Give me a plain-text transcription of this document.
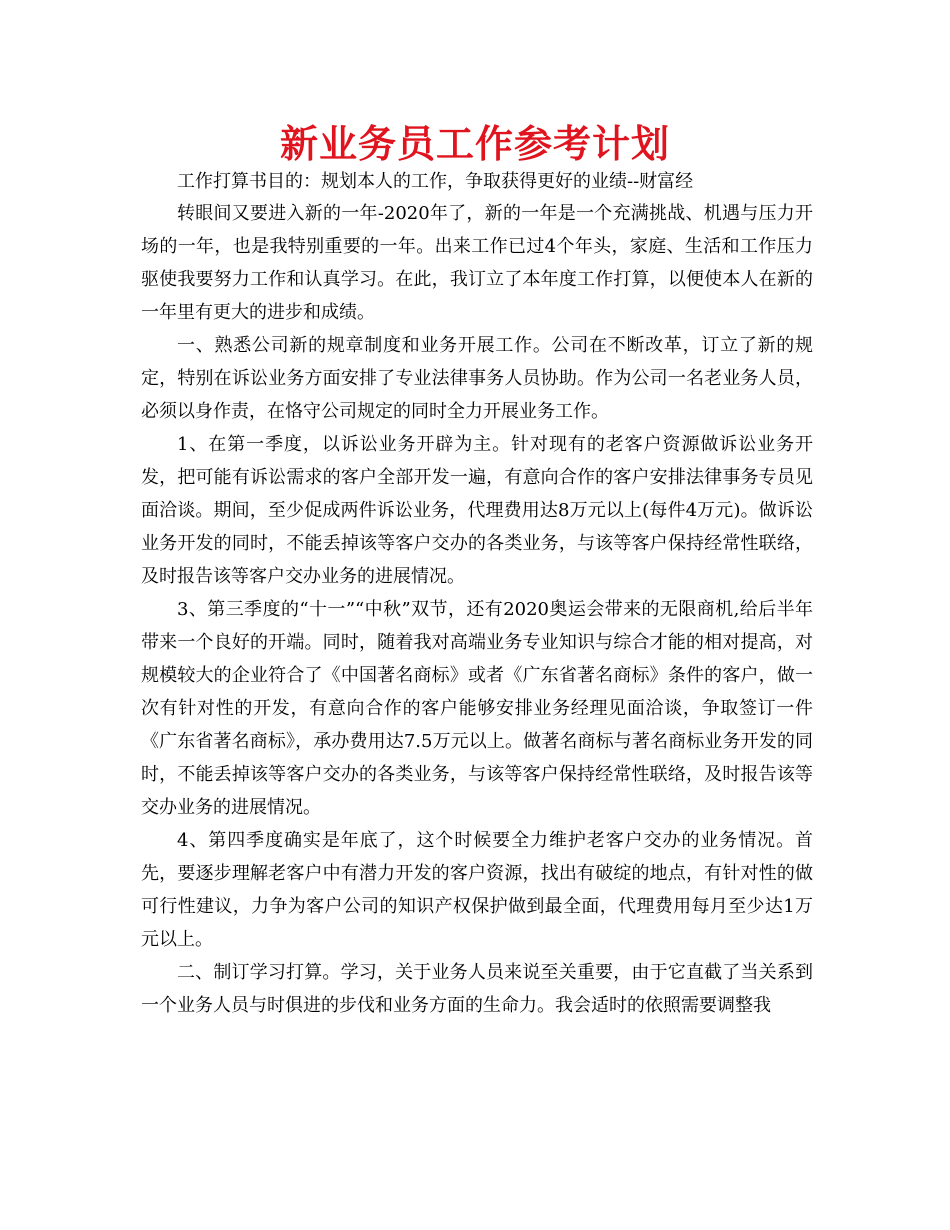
新业务员工作参考计划

工作打算书目的：规划本人的工作，争取获得更好的业绩--财富经

转眼间又要进入新的一年-2020年了，新的一年是一个充满挑战、机遇与压力开场的一年，也是我特别重要的一年。出来工作已过4个年头，家庭、生活和工作压力驱使我要努力工作和认真学习。在此，我订立了本年度工作打算，以便使本人在新的一年里有更大的进步和成绩。

一、熟悉公司新的规章制度和业务开展工作。公司在不断改革，订立了新的规定，特别在诉讼业务方面安排了专业法律事务人员协助。作为公司一名老业务人员，必须以身作责，在恪守公司规定的同时全力开展业务工作。

1、在第一季度，以诉讼业务开辟为主。针对现有的老客户资源做诉讼业务开发，把可能有诉讼需求的客户全部开发一遍，有意向合作的客户安排法律事务专员见面洽谈。期间，至少促成两件诉讼业务，代理费用达8万元以上(每件4万元)。做诉讼业务开发的同时，不能丢掉该等客户交办的各类业务，与该等客户保持经常性联络，及时报告该等客户交办业务的进展情况。

3、第三季度的“十一”“中秋”双节，还有2020奥运会带来的无限商机,给后半年带来一个良好的开端。同时，随着我对高端业务专业知识与综合才能的相对提高，对规模较大的企业符合了《中国著名商标》或者《广东省著名商标》条件的客户，做一次有针对性的开发，有意向合作的客户能够安排业务经理见面洽谈，争取签订一件《广东省著名商标》，承办费用达7.5万元以上。做著名商标与著名商标业务开发的同时，不能丢掉该等客户交办的各类业务，与该等客户保持经常性联络，及时报告该等交办业务的进展情况。

4、第四季度确实是年底了，这个时候要全力维护老客户交办的业务情况。首先，要逐步理解老客户中有潜力开发的客户资源，找出有破绽的地点，有针对性的做可行性建议，力争为客户公司的知识产权保护做到最全面，代理费用每月至少达1万元以上。

二、制订学习打算。学习，关于业务人员来说至关重要，由于它直截了当关系到一个业务人员与时俱进的步伐和业务方面的生命力。我会适时的依照需要调整我
